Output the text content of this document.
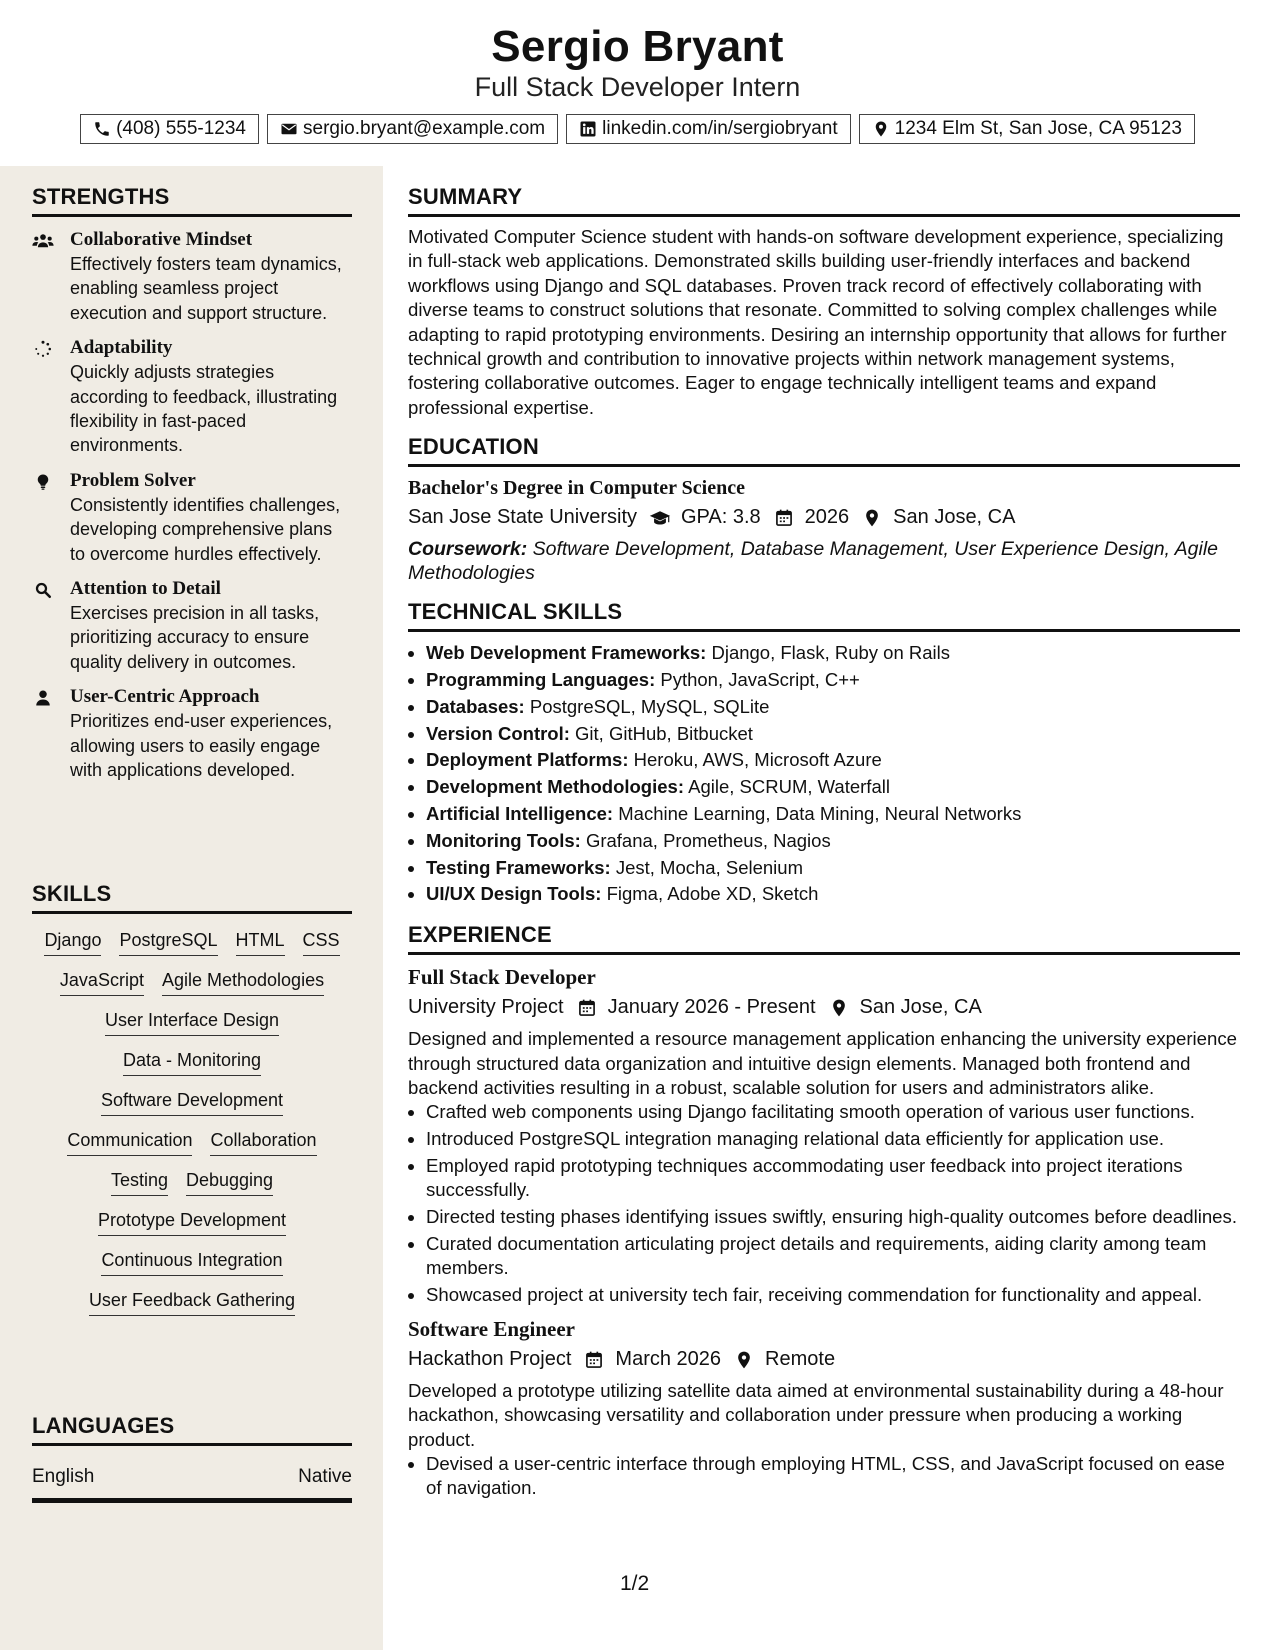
Sergio Bryant
Full Stack Developer Intern
(408) 555-1234	sergio.bryant@example.com	linkedin.com/in/sergiobryant	1234 Elm St, San Jose, CA 95123
STRENGTHS
Collaborative Mindset
Effectively fosters team dynamics, enabling seamless project execution and support structure.
Adaptability
Quickly adjusts strategies according to feedback, illustrating flexibility in fast-paced environments.
Problem Solver
Consistently identifies challenges, developing comprehensive plans to overcome hurdles effectively.
Attention to Detail
Exercises precision in all tasks, prioritizing accuracy to ensure quality delivery in outcomes.
User-Centric Approach
Prioritizes end-user experiences, allowing users to easily engage with applications developed.
SKILLS
Django PostgreSQL HTML CSS
JavaScript Agile Methodologies
User Interface Design
Data - Monitoring
Software Development
Communication Collaboration
Testing Debugging
Prototype Development
Continuous Integration
User Feedback Gathering
LANGUAGES
English	Native
SUMMARY
Motivated Computer Science student with hands-on software development experience, specializing in full-stack web applications. Demonstrated skills building user-friendly interfaces and backend workflows using Django and SQL databases. Proven track record of effectively collaborating with diverse teams to construct solutions that resonate. Committed to solving complex challenges while adapting to rapid prototyping environments. Desiring an internship opportunity that allows for further technical growth and contribution to innovative projects within network management systems, fostering collaborative outcomes. Eager to engage technically intelligent teams and expand professional expertise.
EDUCATION
Bachelor's Degree in Computer Science
San Jose State University GPA: 3.8 2026 San Jose, CA
Coursework: Software Development, Database Management, User Experience Design, Agile Methodologies
TECHNICAL SKILLS
• Web Development Frameworks: Django, Flask, Ruby on Rails
• Programming Languages: Python, JavaScript, C++
• Databases: PostgreSQL, MySQL, SQLite
• Version Control: Git, GitHub, Bitbucket
• Deployment Platforms: Heroku, AWS, Microsoft Azure
• Development Methodologies: Agile, SCRUM, Waterfall
• Artificial Intelligence: Machine Learning, Data Mining, Neural Networks
• Monitoring Tools: Grafana, Prometheus, Nagios
• Testing Frameworks: Jest, Mocha, Selenium
• UI/UX Design Tools: Figma, Adobe XD, Sketch
EXPERIENCE
Full Stack Developer
University Project January 2026 - Present San Jose, CA
Designed and implemented a resource management application enhancing the university experience through structured data organization and intuitive design elements. Managed both frontend and backend activities resulting in a robust, scalable solution for users and administrators alike.
• Crafted web components using Django facilitating smooth operation of various user functions.
• Introduced PostgreSQL integration managing relational data efficiently for application use.
• Employed rapid prototyping techniques accommodating user feedback into project iterations successfully.
• Directed testing phases identifying issues swiftly, ensuring high-quality outcomes before deadlines.
• Curated documentation articulating project details and requirements, aiding clarity among team members.
• Showcased project at university tech fair, receiving commendation for functionality and appeal.
Software Engineer
Hackathon Project March 2026 Remote
Developed a prototype utilizing satellite data aimed at environmental sustainability during a 48-hour hackathon, showcasing versatility and collaboration under pressure when producing a working product.
• Devised a user-centric interface through employing HTML, CSS, and JavaScript focused on ease of navigation.
1/2
